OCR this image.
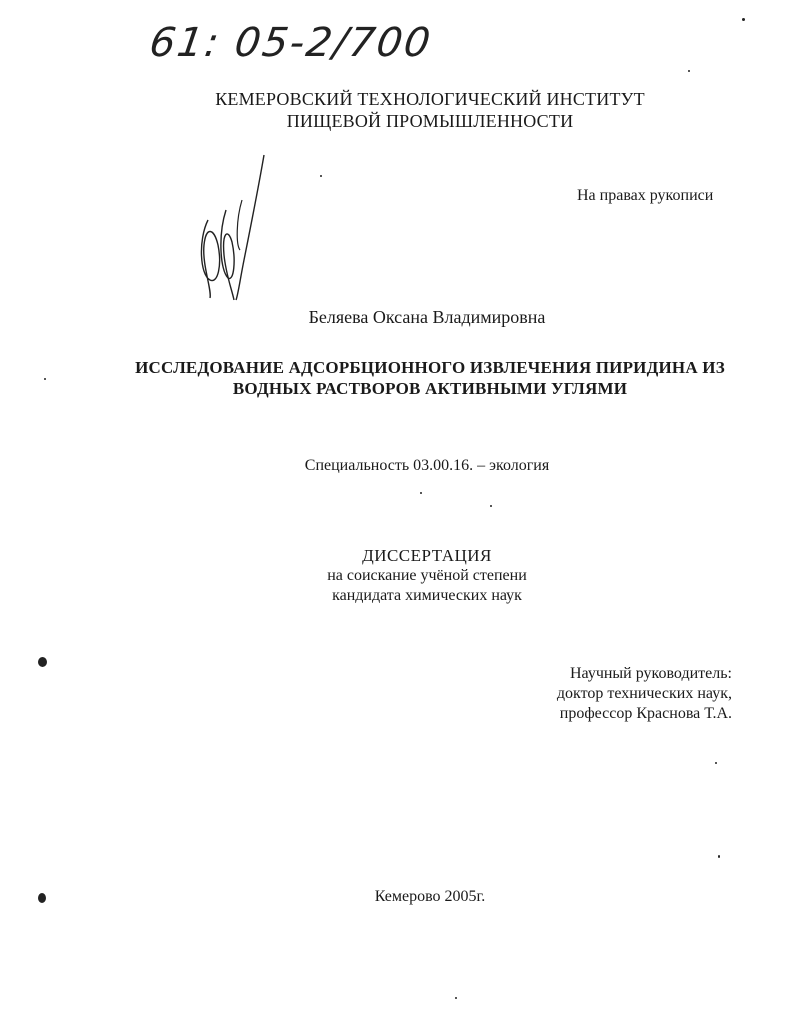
61: 05-2/700
КЕМЕРОВСКИЙ ТЕХНОЛОГИЧЕСКИЙ ИНСТИТУТ
ПИЩЕВОЙ ПРОМЫШЛЕННОСТИ
На правах рукописи
Беляева Оксана Владимировна
ИССЛЕДОВАНИЕ АДСОРБЦИОННОГО ИЗВЛЕЧЕНИЯ ПИРИДИНА ИЗ
ВОДНЫХ РАСТВОРОВ АКТИВНЫМИ УГЛЯМИ
Специальность 03.00.16. – экология
ДИССЕРТАЦИЯ
на соискание учёной степени
кандидата химических наук
Научный руководитель:
доктор технических наук,
профессор Краснова Т.А.
Кемерово 2005г.
